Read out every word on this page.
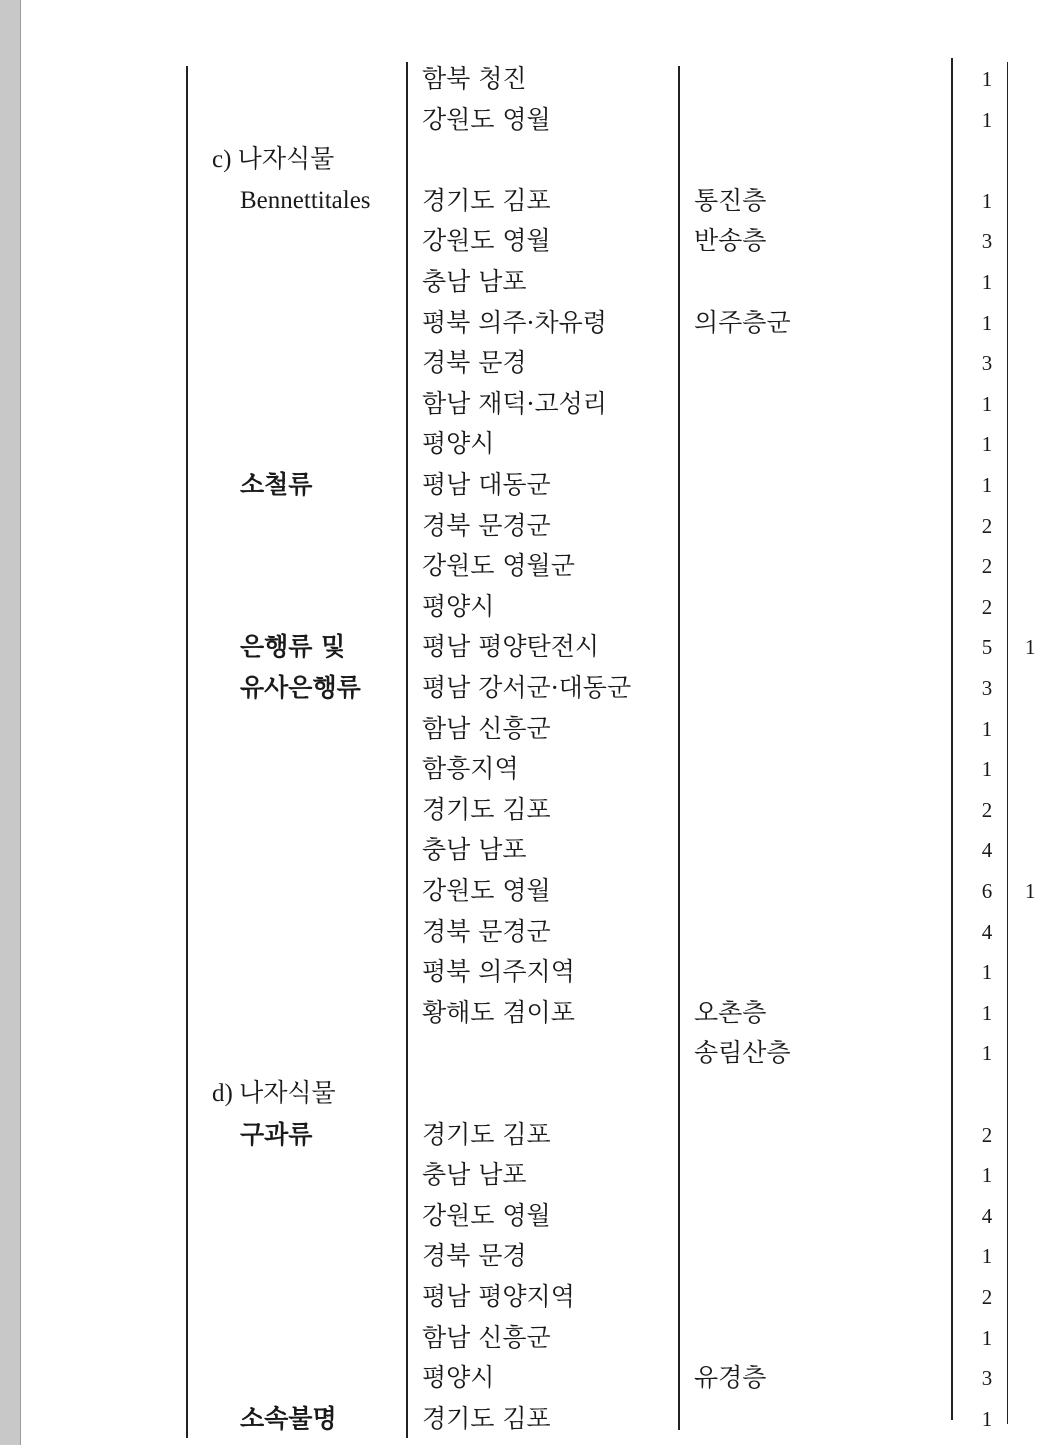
함북 청진	1
강원도 영월	1
c) 나자식물
Bennettitales 경기도 김포	통진층	1
강원도 영월	반송층	3
충남 남포	1
평북 의주·차유령	의주층군	1
경북 문경	3
함남 재덕·고성리	1
평양시	1
소철류	평남 대동군	1
경북 문경군	2
강원도 영월군	2
평양시	2
은행류 및	평남 평양탄전시	5	1
유사은행류 평남 강서군·대동군	3
함남 신흥군	1
함흥지역	1
경기도 김포	2
충남 남포	4
강원도 영월	6	1
경북 문경군	4
평북 의주지역	1
황해도 겸이포	오촌층	1
송림산층	1
d) 나자식물
구과류	경기도 김포	2
충남 남포	1
강원도 영월	4
경북 문경	1
평남 평양지역	2
함남 신흥군	1
평양시	유경층	3
소속불명	경기도 김포	1
